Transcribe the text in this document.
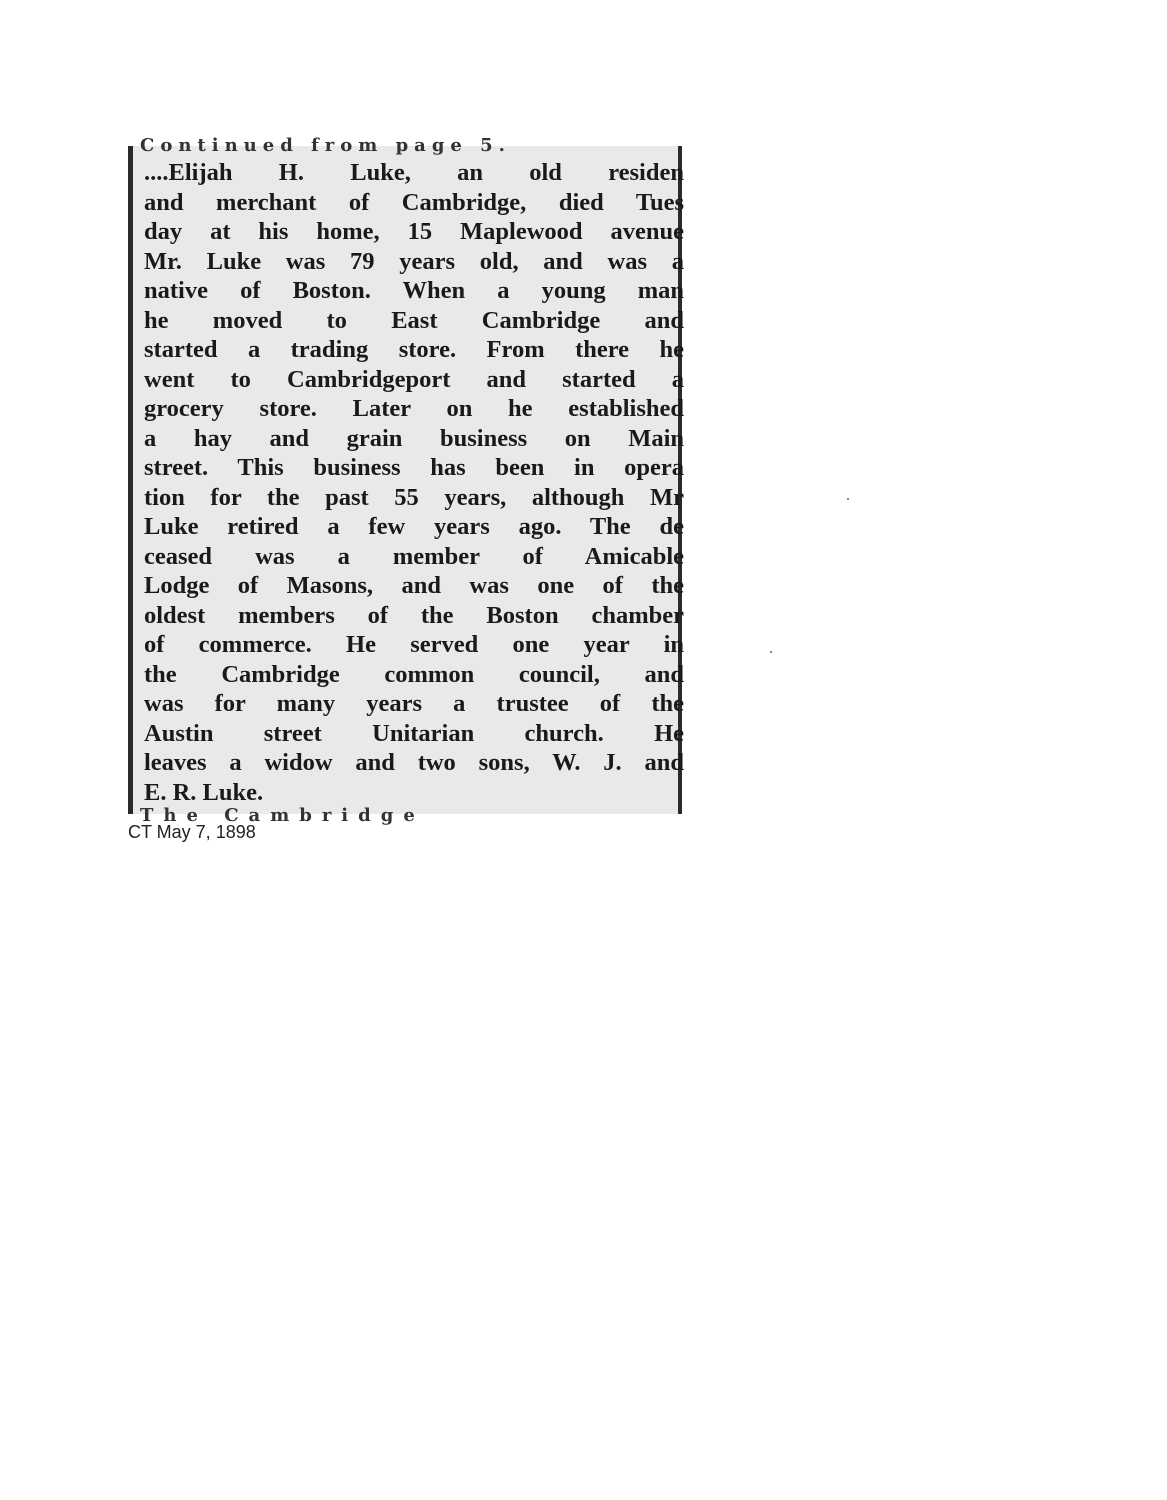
Continued from page 5.
....Elijah H. Luke, an old residen
and merchant of Cambridge, died Tues
day at his home, 15 Maplewood avenue
Mr. Luke was 79 years old, and was a
native of Boston. When a young man
he moved to East Cambridge and
started a trading store. From there he
went to Cambridgeport and started a
grocery store. Later on he established
a hay and grain business on Main
street. This business has been in opera
tion for the past 55 years, although Mr
Luke retired a few years ago. The de
ceased was a member of Amicable
Lodge of Masons, and was one of the
oldest members of the Boston chamber
of commerce. He served one year in
the Cambridge common council, and
was for many years a trustee of the
Austin street Unitarian church. He
leaves a widow and two sons, W. J. and
E. R. Luke.
The Cambridge
CT May 7, 1898
